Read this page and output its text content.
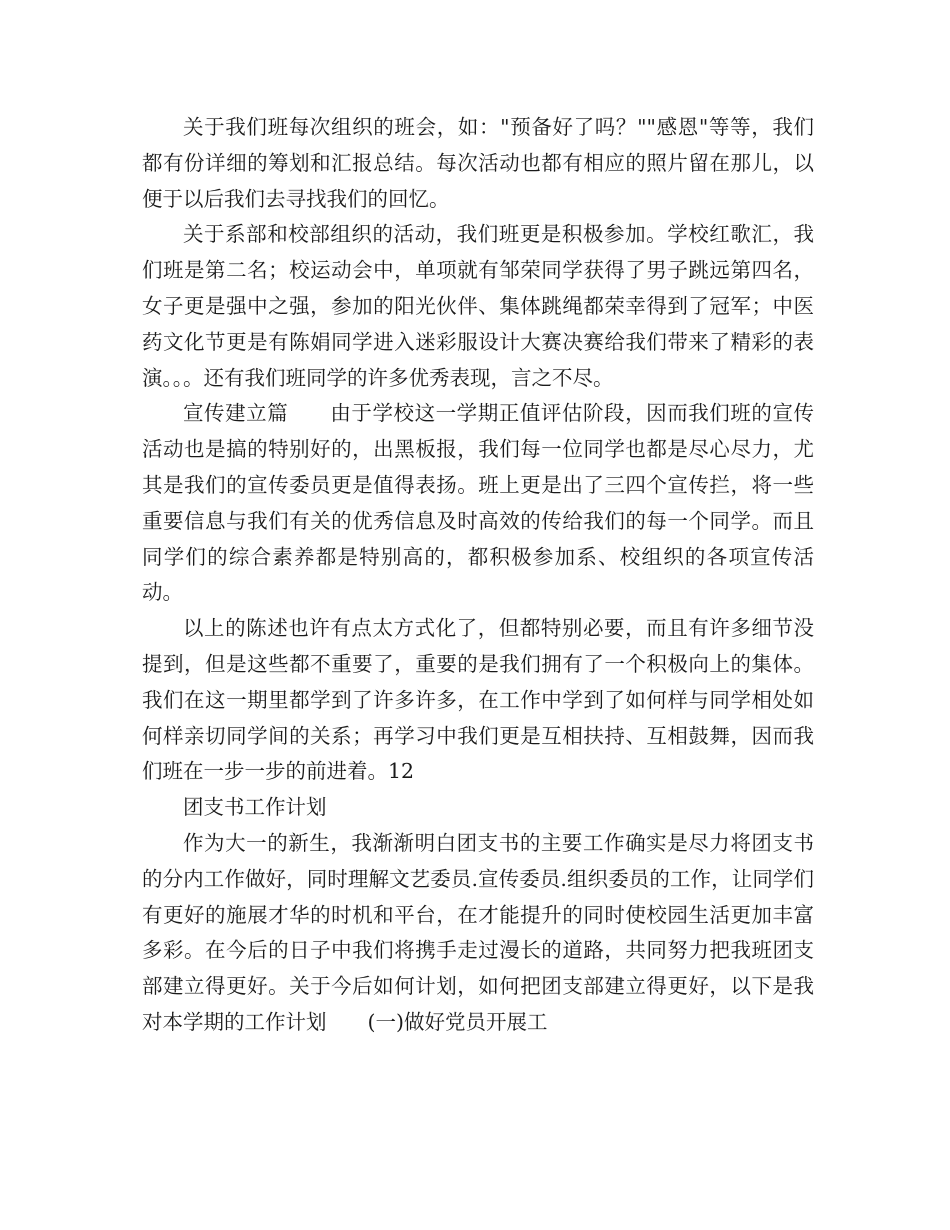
关于我们班每次组织的班会，如："预备好了吗？""感恩"等等，我们都有份详细的筹划和汇报总结。每次活动也都有相应的照片留在那儿，以便于以后我们去寻找我们的回忆。

关于系部和校部组织的活动，我们班更是积极参加。学校红歌汇，我们班是第二名；校运动会中，单项就有邹荣同学获得了男子跳远第四名，女子更是强中之强，参加的阳光伙伴、集体跳绳都荣幸得到了冠军；中医药文化节更是有陈娟同学进入迷彩服设计大赛决赛给我们带来了精彩的表演。。。还有我们班同学的许多优秀表现，言之不尽。

宣传建立篇　　由于学校这一学期正值评估阶段，因而我们班的宣传活动也是搞的特别好的，出黑板报，我们每一位同学也都是尽心尽力，尤其是我们的宣传委员更是值得表扬。班上更是出了三四个宣传拦，将一些重要信息与我们有关的优秀信息及时高效的传给我们的每一个同学。而且同学们的综合素养都是特别高的，都积极参加系、校组织的各项宣传活动。

以上的陈述也许有点太方式化了，但都特别必要，而且有许多细节没提到，但是这些都不重要了，重要的是我们拥有了一个积极向上的集体。我们在这一期里都学到了许多许多，在工作中学到了如何样与同学相处如何样亲切同学间的关系；再学习中我们更是互相扶持、互相鼓舞，因而我们班在一步一步的前进着。12

团支书工作计划

作为大一的新生，我渐渐明白团支书的主要工作确实是尽力将团支书的分内工作做好，同时理解文艺委员.宣传委员.组织委员的工作，让同学们有更好的施展才华的时机和平台，在才能提升的同时使校园生活更加丰富多彩。在今后的日子中我们将携手走过漫长的道路，共同努力把我班团支部建立得更好。关于今后如何计划，如何把团支部建立得更好，以下是我对本学期的工作计划　　(一)做好党员开展工
